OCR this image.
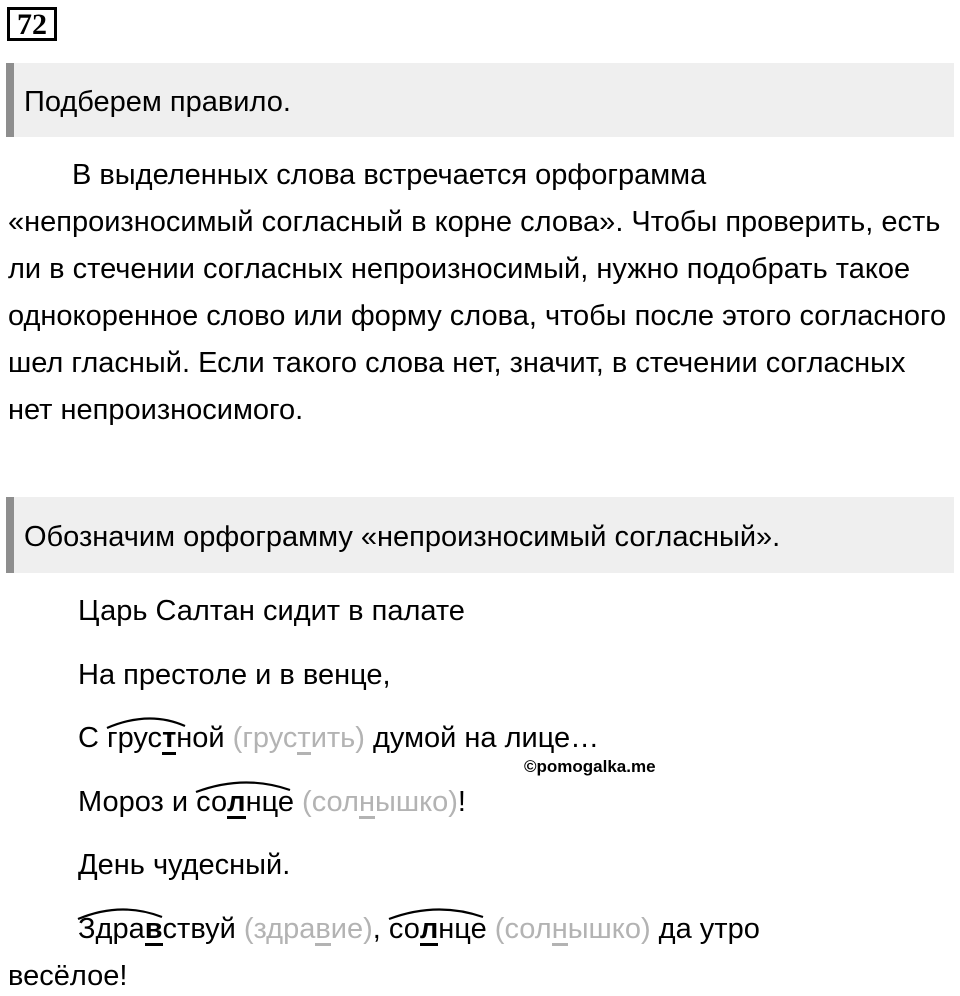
72
Подберем правило.

В выделенных слова встречается орфограмма «непроизносимый согласный в корне слова». Чтобы проверить, есть ли в стечении согласных непроизносимый, нужно подобрать такое однокоренное слово или форму слова, чтобы после этого согласного шел гласный. Если такого слова нет, значит, в стечении согласных нет непроизносимого.

Обозначим орфограмму «непроизносимый согласный».
Царь Салтан сидит в палате
На престоле и в венце,
С
грустной (грустить) думой на лице…
©pomogalka.me
Мороз и
солнце (солнышко)!
День чудесный.
Здравствуй (здравие),
солнце (солнышко) да утро
весёлое!
